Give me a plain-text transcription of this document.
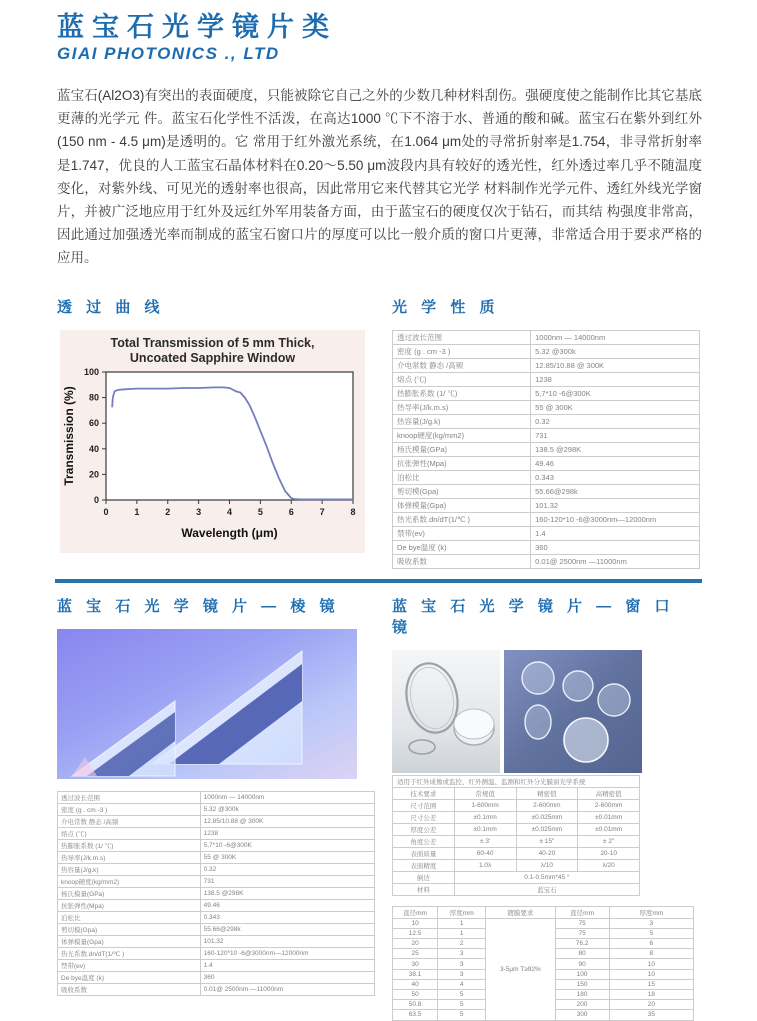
蓝宝石光学镜片类
GIAI PHOTONICS ., LTD

蓝宝石(Al2O3)有突出的表面硬度，只能被除它自己之外的少数几种材料刮伤。强硬度使之能制作比其它基底更薄的光学元 件。蓝宝石化学性不活泼，在高达1000 ℃下不溶于水、普通的酸和碱。蓝宝石在紫外到红外(150 nm - 4.5 μm)是透明的。它 常用于红外激光系统，在1.064 μm处的寻常折射率是1.754，非寻常折射率是1.747，优良的人工蓝宝石晶体材料在0.20～5.50 μm波段内具有较好的透光性，红外透过率几乎不随温度变化，对紫外线、可见光的透射率也很高，因此常用它来代替其它光学 材料制作光学元件、透红外线光学窗片，并被广泛地应用于红外及远红外军用装备方面，由于蓝宝石的硬度仅次于钻石，而其结 构强度非常高，因此通过加强透光率而制成的蓝宝石窗口片的厚度可以比一般介质的窗口片更薄，非常适合用于要求严格的应用。

透 过 曲 线
Total Transmission of 5 mm Thick,
Uncoated Sapphire Window
0	1	2	3	4	5	6	7	8
0
20
40
60
80
100
Wavelength (μm)
Transmission (%)
光 学 性 质
透过波长范围	1000nm — 14000nm
密度 (g . cm -3 )	5.32 @300k
介电常数 静态 /高频	12.85/10.88 @ 300K
熔点 (℃)	1238
热膨胀系数 (1/ ℃)	5,7*10 -6@300K
热导率(J/k.m.s)	55 @ 300K
热容量(J/g.k)	0.32
knoop硬度(kg/mm2)	731
杨氏模量(GPa)	138.5 @298K
抗张弹性(Mpa)	49.46
泊松比	0.343
剪切模(Gpa)	55.66@298k
体弹模量(Gpa)	101.32
热光系数.dn/dT(1/℃ )	160-120*10 -6@3000nm—12000nm
禁带(ev)	1.4
De bye温度 (k)	360
吸收系数	0.01@ 2500nm —11000nm
蓝 宝 石 光 学 镜 片 — 棱 镜
透过波长范围	1000nm — 14000nm
密度 (g . cm -3 )	5.32 @300k
介电常数 静态 /高频	12.85/10.88 @ 300K
熔点 (℃)	1238
热膨胀系数 (1/ ℃)	5,7*10 -6@300K
热导率(J/k.m.s)	55 @ 300K
热容量(J/g.k)	0.32
knoop硬度(kg/mm2)	731
杨氏模量(GPa)	138.5 @298K
抗张弹性(Mpa)	49.46
泊松比	0.343
剪切模(Gpa)	55.66@298k
体弹模量(Gpa)	101.32
热光系数.dn/dT(1/℃ )	160-120*10 -6@3000nm—12000nm
禁带(ev)	1.4
De bye温度 (k)	360
吸收系数	0.01@ 2500nm —11000nm
蓝 宝 石 光 学 镜 片 — 窗 口 镜
适用于红外成像或监控、红外测温、监测和红外分光膜窗光学系统			
技术要求	常规值	精密值	高精密值
尺寸范围	1-600mm	2-600mm	2-600mm
尺寸公差	±0.1mm	±0.025mm	±0.01mm
厚度公差	±0.1mm	±0.025mm	±0.01mm
角度公差	± 3′	± 15″	± 2″
表面质量	60-40	40-20	20-10
表面精度	1.0λ	λ/10	λ/20
倒边	0.1-0.5mm*45 °		
材料	蓝宝石		
直径mm	厚度mm	镀膜要求	直径mm	厚度mm
10	1	3-5μm T≥92%	75	3
12.5	1		75	5
20	2		76.2	6
25	3		80	8
30	3		90	10
38.1	3		100	10
40	4		150	15
50	5		180	18
50.8	5		200	20
63.5	5		300	35
